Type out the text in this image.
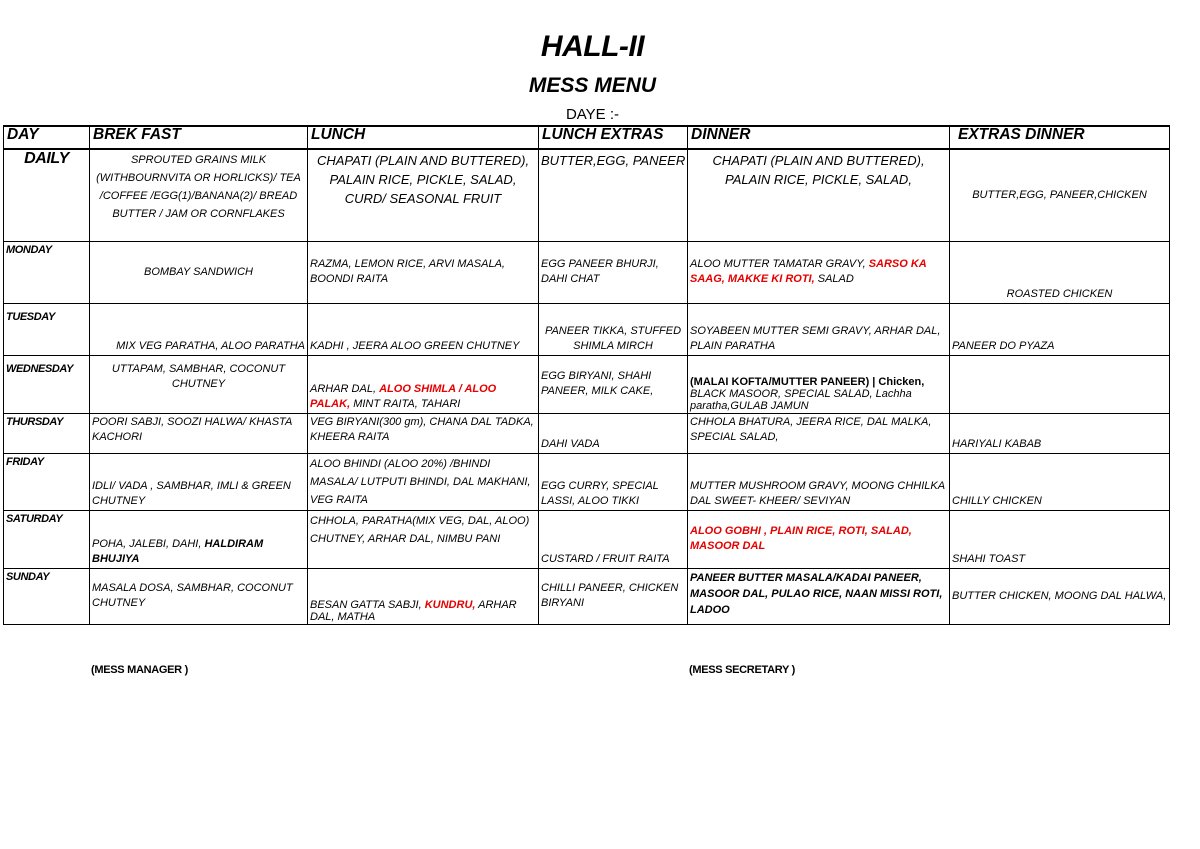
HALL-II
MESS MENU
DAYE :-
DAY	BREK FAST	LUNCH	LUNCH EXTRAS	DINNER	EXTRAS DINNER
DAILY	SPROUTED GRAINS MILK (WITHBOURNVITA OR HORLICKS)/ TEA /COFFEE /EGG(1)/BANANA(2)/ BREAD BUTTER / JAM OR CORNFLAKES	CHAPATI (PLAIN AND BUTTERED), PALAIN RICE, PICKLE, SALAD, CURD/ SEASONAL FRUIT	BUTTER,EGG, PANEER	CHAPATI (PLAIN AND BUTTERED), PALAIN RICE, PICKLE, SALAD,	BUTTER,EGG, PANEER,CHICKEN
MONDAY	BOMBAY SANDWICH	RAZMA, LEMON RICE, ARVI MASALA, BOONDI RAITA	EGG PANEER BHURJI, DAHI CHAT	ALOO MUTTER TAMATAR GRAVY, SARSO KA SAAG, MAKKE KI ROTI, SALAD	ROASTED CHICKEN
TUESDAY	MIX VEG PARATHA, ALOO PARATHA	KADHI , JEERA ALOO GREEN CHUTNEY	PANEER TIKKA, STUFFED SHIMLA MIRCH	SOYABEEN MUTTER SEMI GRAVY, ARHAR DAL, PLAIN PARATHA	PANEER DO PYAZA
WEDNESDAY	UTTAPAM, SAMBHAR, COCONUT CHUTNEY	ARHAR DAL, ALOO SHIMLA / ALOO PALAK, MINT RAITA, TAHARI	EGG BIRYANI, SHAHI PANEER, MILK CAKE,	(MALAI KOFTA/MUTTER PANEER) | Chicken, BLACK MASOOR, SPECIAL SALAD, Lachha paratha,GULAB JAMUN	
THURSDAY	POORI SABJI, SOOZI HALWA/ KHASTA KACHORI	VEG BIRYANI(300 gm), CHANA DAL TADKA, KHEERA RAITA	DAHI VADA	CHHOLA BHATURA, JEERA RICE, DAL MALKA, SPECIAL SALAD,	HARIYALI KABAB
FRIDAY	IDLI/ VADA , SAMBHAR, IMLI & GREEN CHUTNEY	ALOO BHINDI (ALOO 20%) /BHINDI MASALA/ LUTPUTI BHINDI, DAL MAKHANI, VEG RAITA	EGG CURRY, SPECIAL LASSI, ALOO TIKKI	MUTTER MUSHROOM GRAVY, MOONG CHHILKA DAL SWEET- KHEER/ SEVIYAN	CHILLY CHICKEN
SATURDAY	POHA, JALEBI, DAHI, HALDIRAM BHUJIYA	CHHOLA, PARATHA(MIX VEG, DAL, ALOO) CHUTNEY, ARHAR DAL, NIMBU PANI	CUSTARD / FRUIT RAITA	ALOO GOBHI , PLAIN RICE, ROTI, SALAD, MASOOR DAL	SHAHI TOAST
SUNDAY	MASALA DOSA, SAMBHAR, COCONUT CHUTNEY	BESAN GATTA SABJI, KUNDRU, ARHAR DAL, MATHA	CHILLI PANEER, CHICKEN BIRYANI	PANEER BUTTER MASALA/KADAI PANEER, MASOOR DAL, PULAO RICE, NAAN MISSI ROTI, LADOO	BUTTER CHICKEN, MOONG DAL HALWA,
(MESS MANAGER )	(MESS SECRETARY )
